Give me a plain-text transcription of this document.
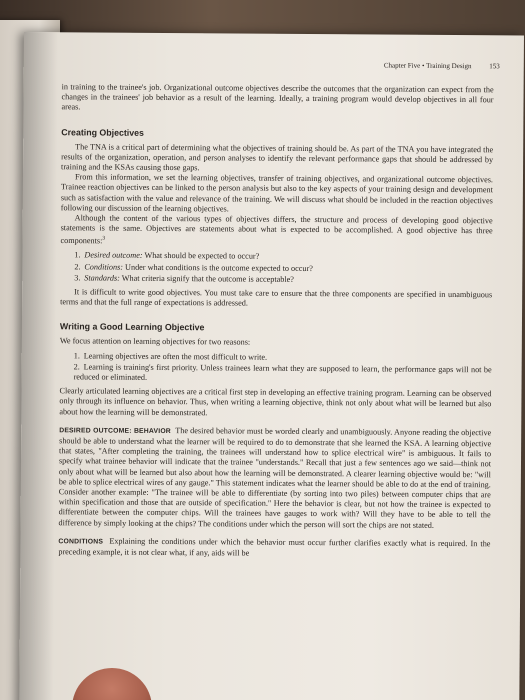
Chapter Five • Training Design	153

in training to the trainee's job. Organizational outcome objectives describe the outcomes that the organization can expect from the changes in the trainees' job behavior as a result of the learning. Ideally, a training program would develop objectives in all four areas.

Creating Objectives

The TNA is a critical part of determining what the objectives of training should be. As part of the TNA you have integrated the results of the organization, operation, and person analyses to identify the relevant performance gaps that should be addressed by training and the KSAs causing those gaps.

From this information, we set the learning objectives, transfer of training objectives, and organizational outcome objectives. Trainee reaction objectives can be linked to the person analysis but also to the key aspects of your training design and development such as satisfaction with the value and relevance of the training. We will discuss what should be included in the reaction objectives following our discussion of the learning objectives.

Although the content of the various types of objectives differs, the structure and process of developing good objective statements is the same. Objectives are statements about what is expected to be accomplished. A good objective has three components:$^3$

1. Desired outcome: What should be expected to occur?
2. Conditions: Under what conditions is the outcome expected to occur?
3. Standards: What criteria signify that the outcome is acceptable?

It is difficult to write good objectives. You must take care to ensure that the three components are specified in unambiguous terms and that the full range of expectations is addressed.

Writing a Good Learning Objective

We focus attention on learning objectives for two reasons:

1. Learning objectives are often the most difficult to write.
2. Learning is training's first priority. Unless trainees learn what they are supposed to learn, the performance gaps will not be reduced or eliminated.

Clearly articulated learning objectives are a critical first step in developing an effective training program. Learning can be observed only through its influence on behavior. Thus, when writing a learning objective, think not only about what will be learned but also about how the learning will be demonstrated.

DESIRED OUTCOME: BEHAVIOR The desired behavior must be worded clearly and unambiguously. Anyone reading the objective should be able to understand what the learner will be required to do to demonstrate that she learned the KSA. A learning objective that states, "After completing the training, the trainees will understand how to splice electrical wire" is ambiguous. It fails to specify what trainee behavior will indicate that the trainee "understands." Recall that just a few sentences ago we said—think not only about what will be learned but also about how the learning will be demonstrated. A clearer learning objective would be: "will be able to splice electrical wires of any gauge." This statement indicates what the learner should be able to do at the end of training. Consider another example: "The trainee will be able to differentiate (by sorting into two piles) between computer chips that are within specification and those that are outside of specification." Here the behavior is clear, but not how the trainee is expected to differentiate between the computer chips. Will the trainees have gauges to work with? Will they have to be able to tell the difference by simply looking at the chips? The conditions under which the person will sort the chips are not stated.

CONDITIONS Explaining the conditions under which the behavior must occur further clarifies exactly what is required. In the preceding example, it is not clear what, if any, aids will be
